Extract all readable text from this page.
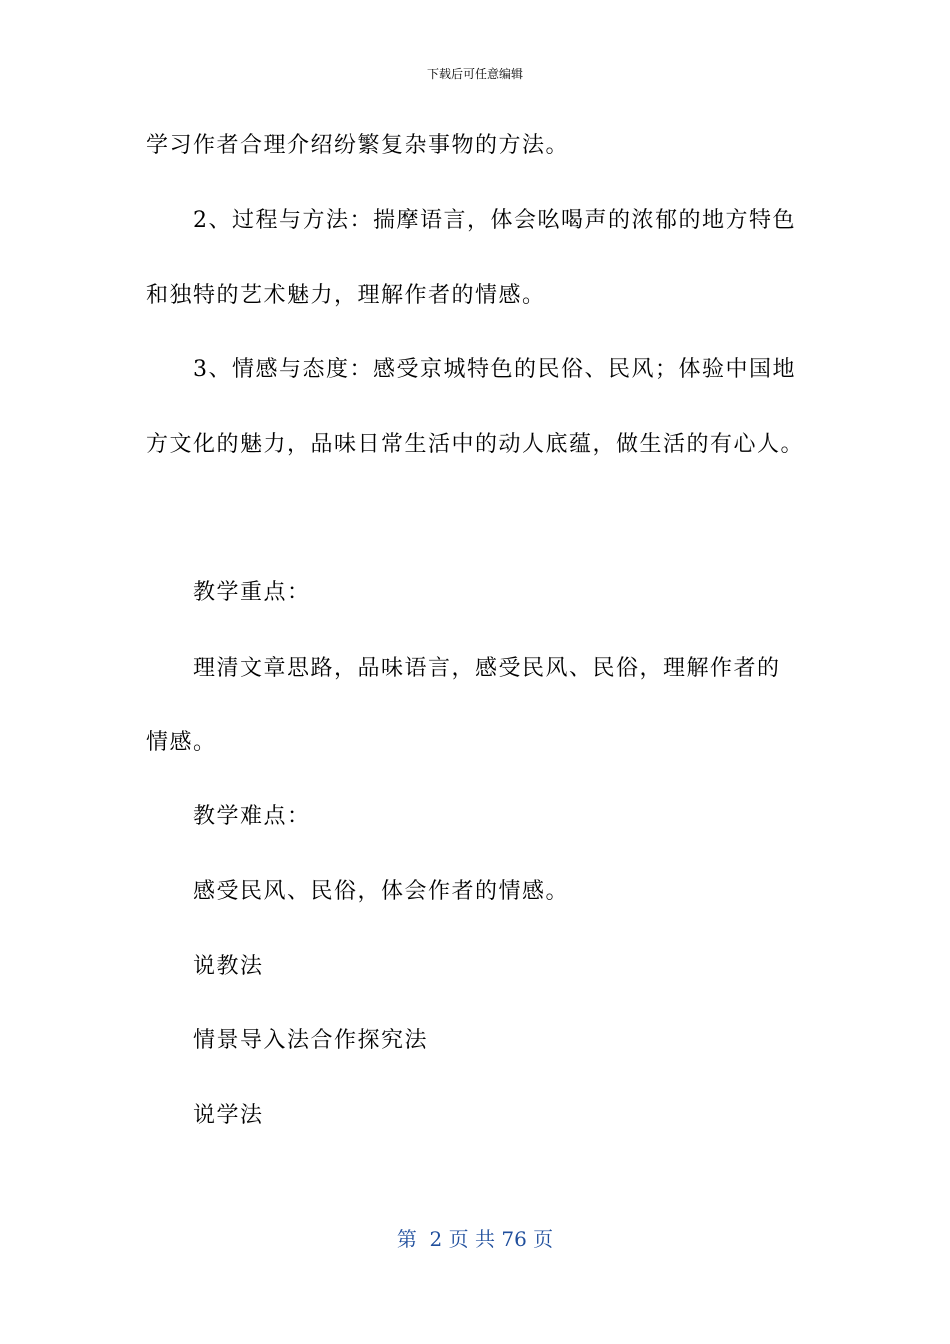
下载后可任意编辑
学习作者合理介绍纷繁复杂事物的方法。
2、过程与方法：揣摩语言，体会吆喝声的浓郁的地方特色
和独特的艺术魅力，理解作者的情感。
3、情感与态度：感受京城特色的民俗、民风；体验中国地
方文化的魅力，品味日常生活中的动人底蕴，做生活的有心人。
教学重点：
理清文章思路，品味语言，感受民风、民俗，理解作者的
情感。
教学难点：
感受民风、民俗，体会作者的情感。
说教法
情景导入法合作探究法
说学法
第  2 页 共 76 页
